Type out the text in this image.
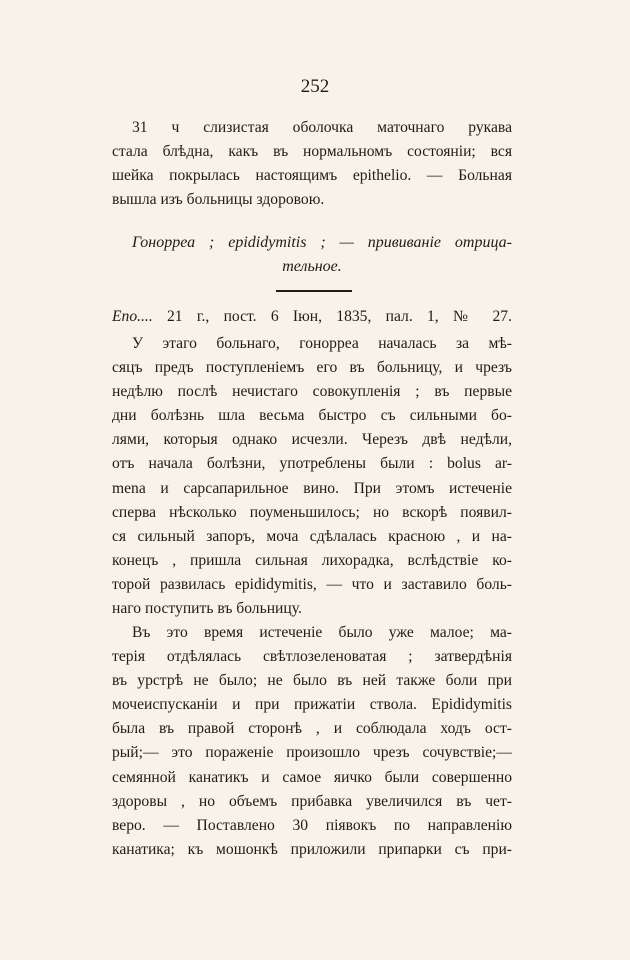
252
31 ч слизистая оболочка маточнаго рукава
стала блѣдна, какъ въ нормальномъ состояніи; вся
шейка покрылась настоящимъ epithelio. — Больная
вышла изъ больницы здоровою.
Гонорреа ; epididymitis ; — прививаніе отрица-
тельное.
Епо.... 21 г., пост. 6 Іюн, 1835, пал. 1, № 27.
У этаго больнаго, гонорреа началась за мѣ-
сяцъ предъ поступленіемъ его въ больницу, и чрезъ
недѣлю послѣ нечистаго совокупленія ; въ первые
дни болѣзнь шла весьма быстро съ сильными бо-
лями, которыя однако исчезли. Черезъ двѣ недѣли,
отъ начала болѣзни, употреблены были : bolus ar-
mena и сарсапарильное вино. При этомъ истеченіе
сперва нѣсколько поуменьшилось; но вскорѣ появил-
ся сильный запоръ, моча сдѣлалась красною , и на-
конецъ , пришла сильная лихорадка, вслѣдствіе ко-
торой развилась epididymitis, — что и заставило боль-
наго поступить въ больницу.
Въ это время истеченіе было уже малое; ма-
терія отдѣлялась свѣтлозеленоватая ; затвердѣнія
въ урстрѣ не было; не было въ ней также боли при
мочеиспусканіи и при прижатіи ствола. Epididymitis
была въ правой сторонѣ , и соблюдала ходъ ост-
рый;— это пораженіе произошло чрезъ сочувствіе;—
семянной канатикъ и самое яичко были совершенно
здоровы , но объемъ прибавка увеличился въ чет-
веро. — Поставлено 30 піявокъ по направленію
канатика; къ мошонкѣ приложили припарки съ при-
